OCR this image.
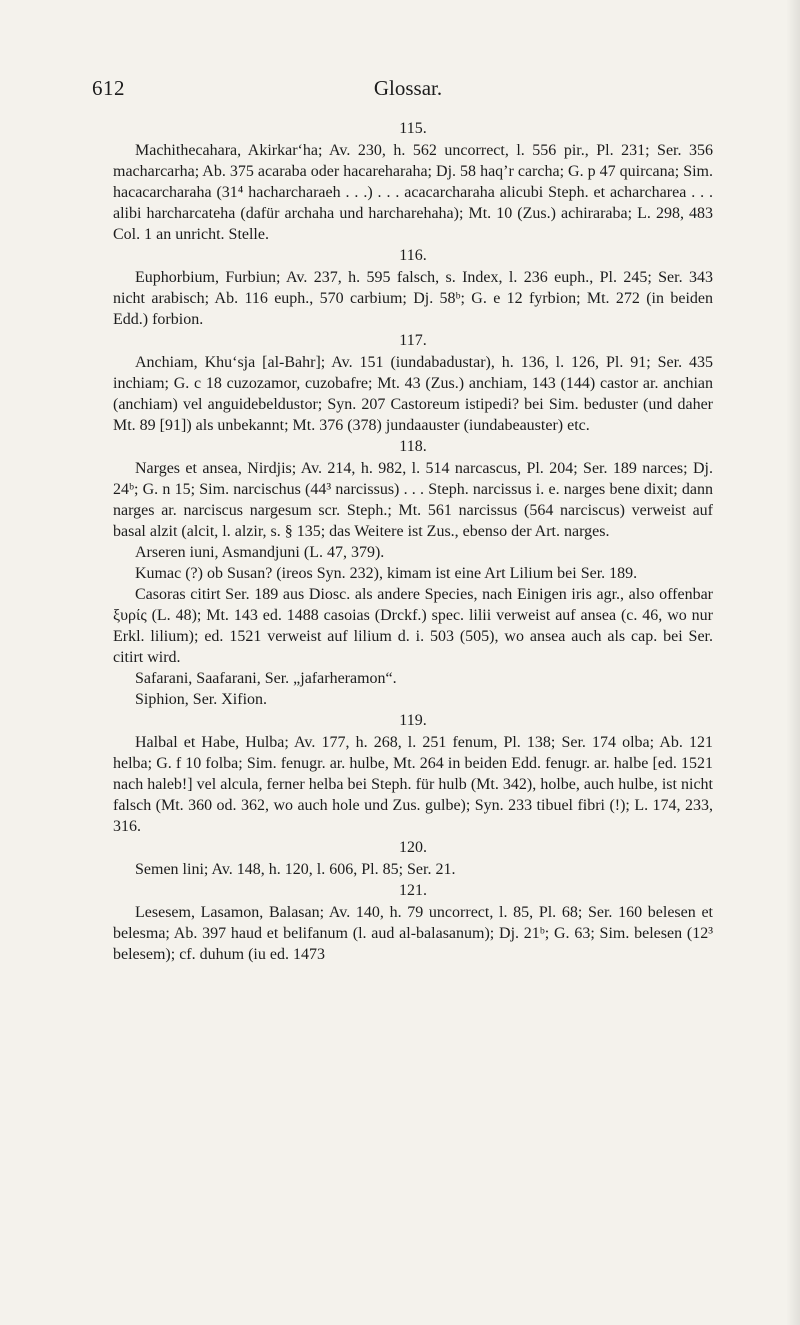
612	Glossar.
115.

Machithecahara, Akirkar‘ha; Av. 230, h. 562 uncorrect, l. 556 pir., Pl. 231; Ser. 356 macharcarha; Ab. 375 acaraba oder hacareharaha; Dj. 58 haq’r carcha; G. p 47 quircana; Sim. hacacarcharaha (31⁴ hacharcharaeh . . .) . . . acacarcharaha alicubi Steph. et acharcharea . . . alibi harcharcateha (dafür archaha und harcharehaha); Mt. 10 (Zus.) achiraraba; L. 298, 483 Col. 1 an unricht. Stelle.

116.

Euphorbium, Furbiun; Av. 237, h. 595 falsch, s. Index, l. 236 euph., Pl. 245; Ser. 343 nicht arabisch; Ab. 116 euph., 570 carbium; Dj. 58ᵇ; G. e 12 fyrbion; Mt. 272 (in beiden Edd.) forbion.

117.

Anchiam, Khu‘sja [al-Bahr]; Av. 151 (iundabadustar), h. 136, l. 126, Pl. 91; Ser. 435 inchiam; G. c 18 cuzozamor, cuzobafre; Mt. 43 (Zus.) anchiam, 143 (144) castor ar. anchian (anchiam) vel anguidebeldustor; Syn. 207 Castoreum istipedi? bei Sim. beduster (und daher Mt. 89 [91]) als unbekannt; Mt. 376 (378) jundaauster (iundabeauster) etc.

118.

Narges et ansea, Nirdjis; Av. 214, h. 982, l. 514 narcascus, Pl. 204; Ser. 189 narces; Dj. 24ᵇ; G. n 15; Sim. narcischus (44³ narcissus) . . . Steph. narcissus i. e. narges bene dixit; dann narges ar. narciscus nargesum scr. Steph.; Mt. 561 narcissus (564 narciscus) verweist auf basal alzit (alcit, l. alzir, s. § 135; das Weitere ist Zus., ebenso der Art. narges.

Arseren iuni, Asmandjuni (L. 47, 379).

Kumac (?) ob Susan? (ireos Syn. 232), kimam ist eine Art Lilium bei Ser. 189.

Casoras citirt Ser. 189 aus Diosc. als andere Species, nach Einigen iris agr., also offenbar ξυρίς (L. 48); Mt. 143 ed. 1488 casoias (Drckf.) spec. lilii verweist auf ansea (c. 46, wo nur Erkl. lilium); ed. 1521 verweist auf lilium d. i. 503 (505), wo ansea auch als cap. bei Ser. citirt wird.

Safarani, Saafarani, Ser. „jafarheramon“.

Siphion, Ser. Xifion.

119.

Halbal et Habe, Hulba; Av. 177, h. 268, l. 251 fenum, Pl. 138; Ser. 174 olba; Ab. 121 helba; G. f 10 folba; Sim. fenugr. ar. hulbe, Mt. 264 in beiden Edd. fenugr. ar. halbe [ed. 1521 nach haleb!] vel alcula, ferner helba bei Steph. für hulb (Mt. 342), holbe, auch hulbe, ist nicht falsch (Mt. 360 od. 362, wo auch hole und Zus. gulbe); Syn. 233 tibuel fibri (!); L. 174, 233, 316.

120.

Semen lini; Av. 148, h. 120, l. 606, Pl. 85; Ser. 21.

121.

Lesesem, Lasamon, Balasan; Av. 140, h. 79 uncorrect, l. 85, Pl. 68; Ser. 160 belesen et belesma; Ab. 397 haud et belifanum (l. aud al-balasanum); Dj. 21ᵇ; G. 63; Sim. belesen (12³ belesem); cf. duhum (iu ed. 1473
